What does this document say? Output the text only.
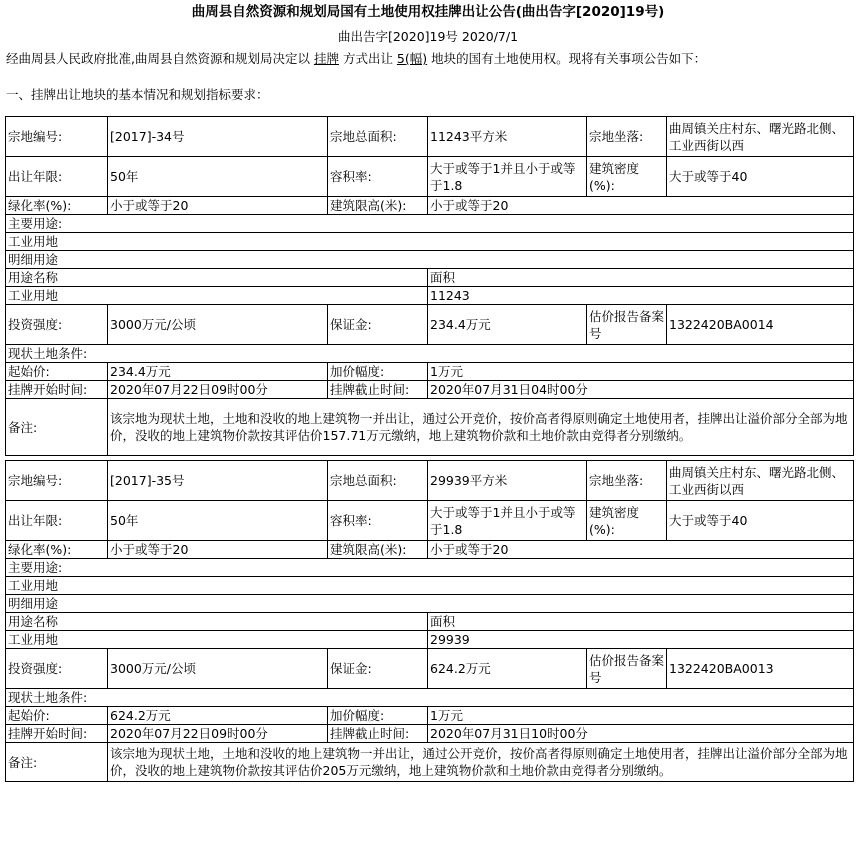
曲周县自然资源和规划局国有土地使用权挂牌出让公告(曲出告字[2020]19号)
曲出告字[2020]19号 2020/7/1
经曲周县人民政府批准,曲周县自然资源和规划局决定以 挂牌 方式出让 5(幅) 地块的国有土地使用权。现将有关事项公告如下：
一、挂牌出让地块的基本情况和规划指标要求：
宗地编号:	[2017]-34号	宗地总面积:	11243平方米	宗地坐落:	曲周镇关庄村东、曙光路北侧、工业西街以西
出让年限:	50年	容积率:	大于或等于1并且小于或等于1.8	建筑密度(%):	大于或等于40
绿化率(%):	小于或等于20	建筑限高(米):	小于或等于20		
主要用途:					
工业用地					
明细用途					
用途名称			面积		
工业用地			11243		
投资强度:	3000万元/公顷	保证金:	234.4万元	估价报告备案号	1322420BA0014
现状土地条件:					
起始价:	234.4万元	加价幅度:	1万元		
挂牌开始时间:	2020年07月22日09时00分	挂牌截止时间:	2020年07月31日04时00分		
备注:	该宗地为现状土地，土地和没收的地上建筑物一并出让，通过公开竞价，按价高者得原则确定土地使用者，挂牌出让溢价部分全部为地价，没收的地上建筑物价款按其评估价157.71万元缴纳，地上建筑物价款和土地价款由竞得者分别缴纳。				
宗地编号:	[2017]-35号	宗地总面积:	29939平方米	宗地坐落:	曲周镇关庄村东、曙光路北侧、工业西街以西
出让年限:	50年	容积率:	大于或等于1并且小于或等于1.8	建筑密度(%):	大于或等于40
绿化率(%):	小于或等于20	建筑限高(米):	小于或等于20		
主要用途:					
工业用地					
明细用途					
用途名称			面积		
工业用地			29939		
投资强度:	3000万元/公顷	保证金:	624.2万元	估价报告备案号	1322420BA0013
现状土地条件:					
起始价:	624.2万元	加价幅度:	1万元		
挂牌开始时间:	2020年07月22日09时00分	挂牌截止时间:	2020年07月31日10时00分		
备注:	该宗地为现状土地，土地和没收的地上建筑物一并出让，通过公开竞价，按价高者得原则确定土地使用者，挂牌出让溢价部分全部为地价，没收的地上建筑物价款按其评估价205万元缴纳，地上建筑物价款和土地价款由竞得者分别缴纳。				
